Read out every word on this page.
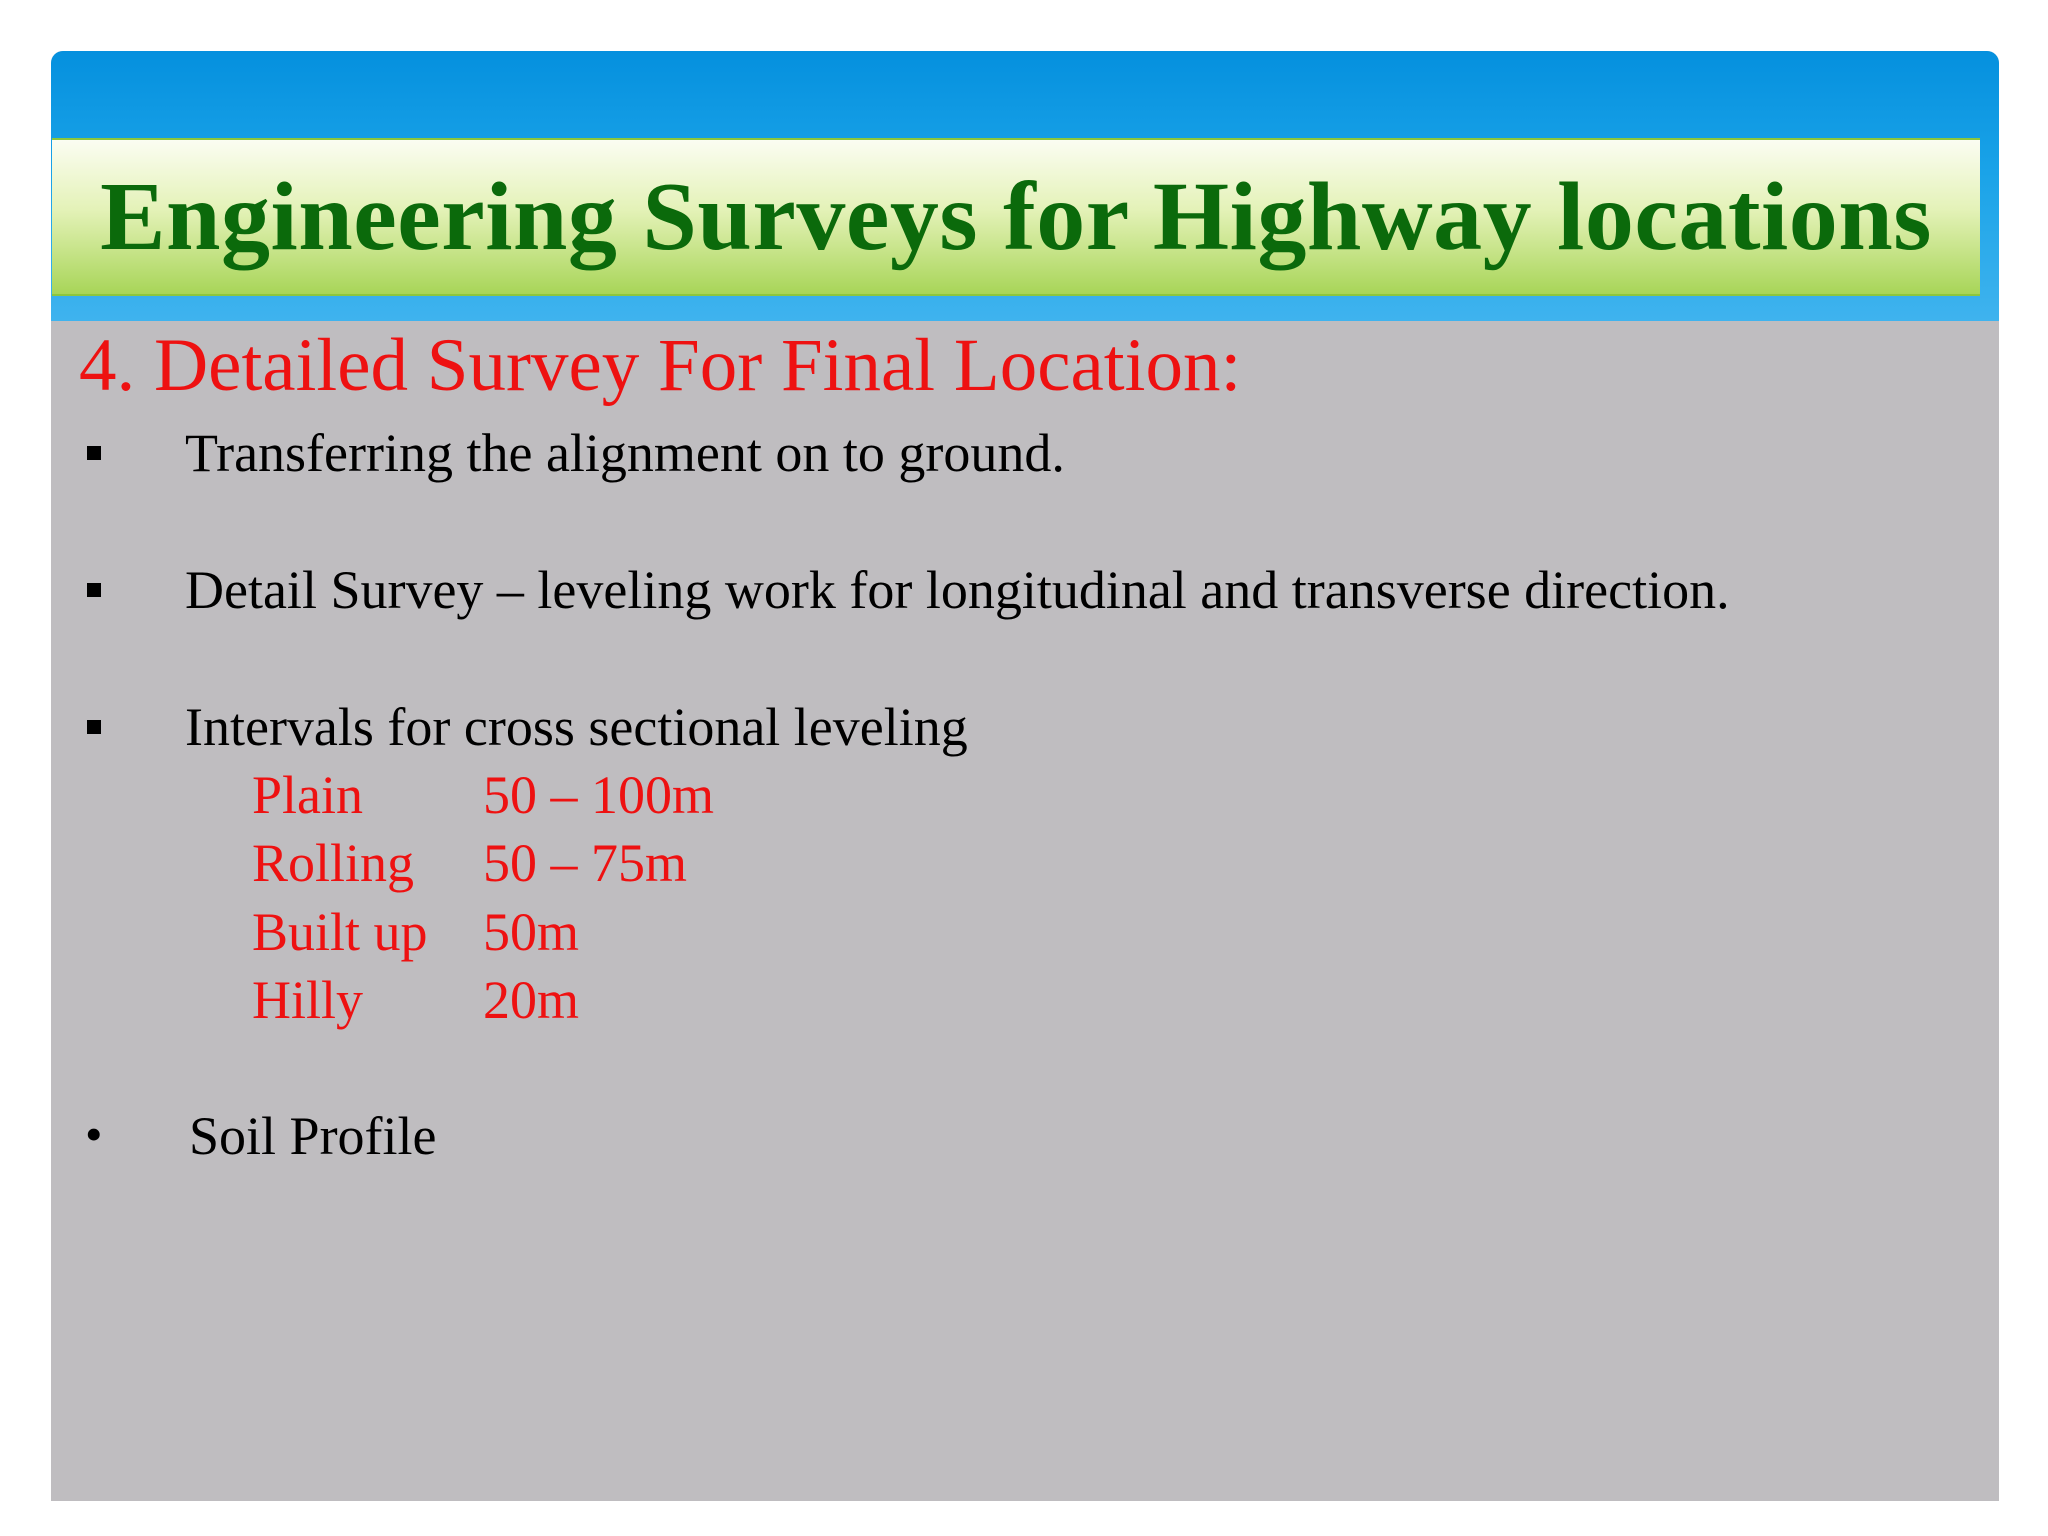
Engineering Surveys for Highway locations
4. Detailed Survey For Final Location:
Transferring the alignment on to ground.
Detail Survey – leveling work for longitudinal and transverse direction.
Intervals for cross sectional leveling
Plain 50 – 100m
Rolling 50 – 75m
Built up 50m
Hilly 20m
• Soil Profile
